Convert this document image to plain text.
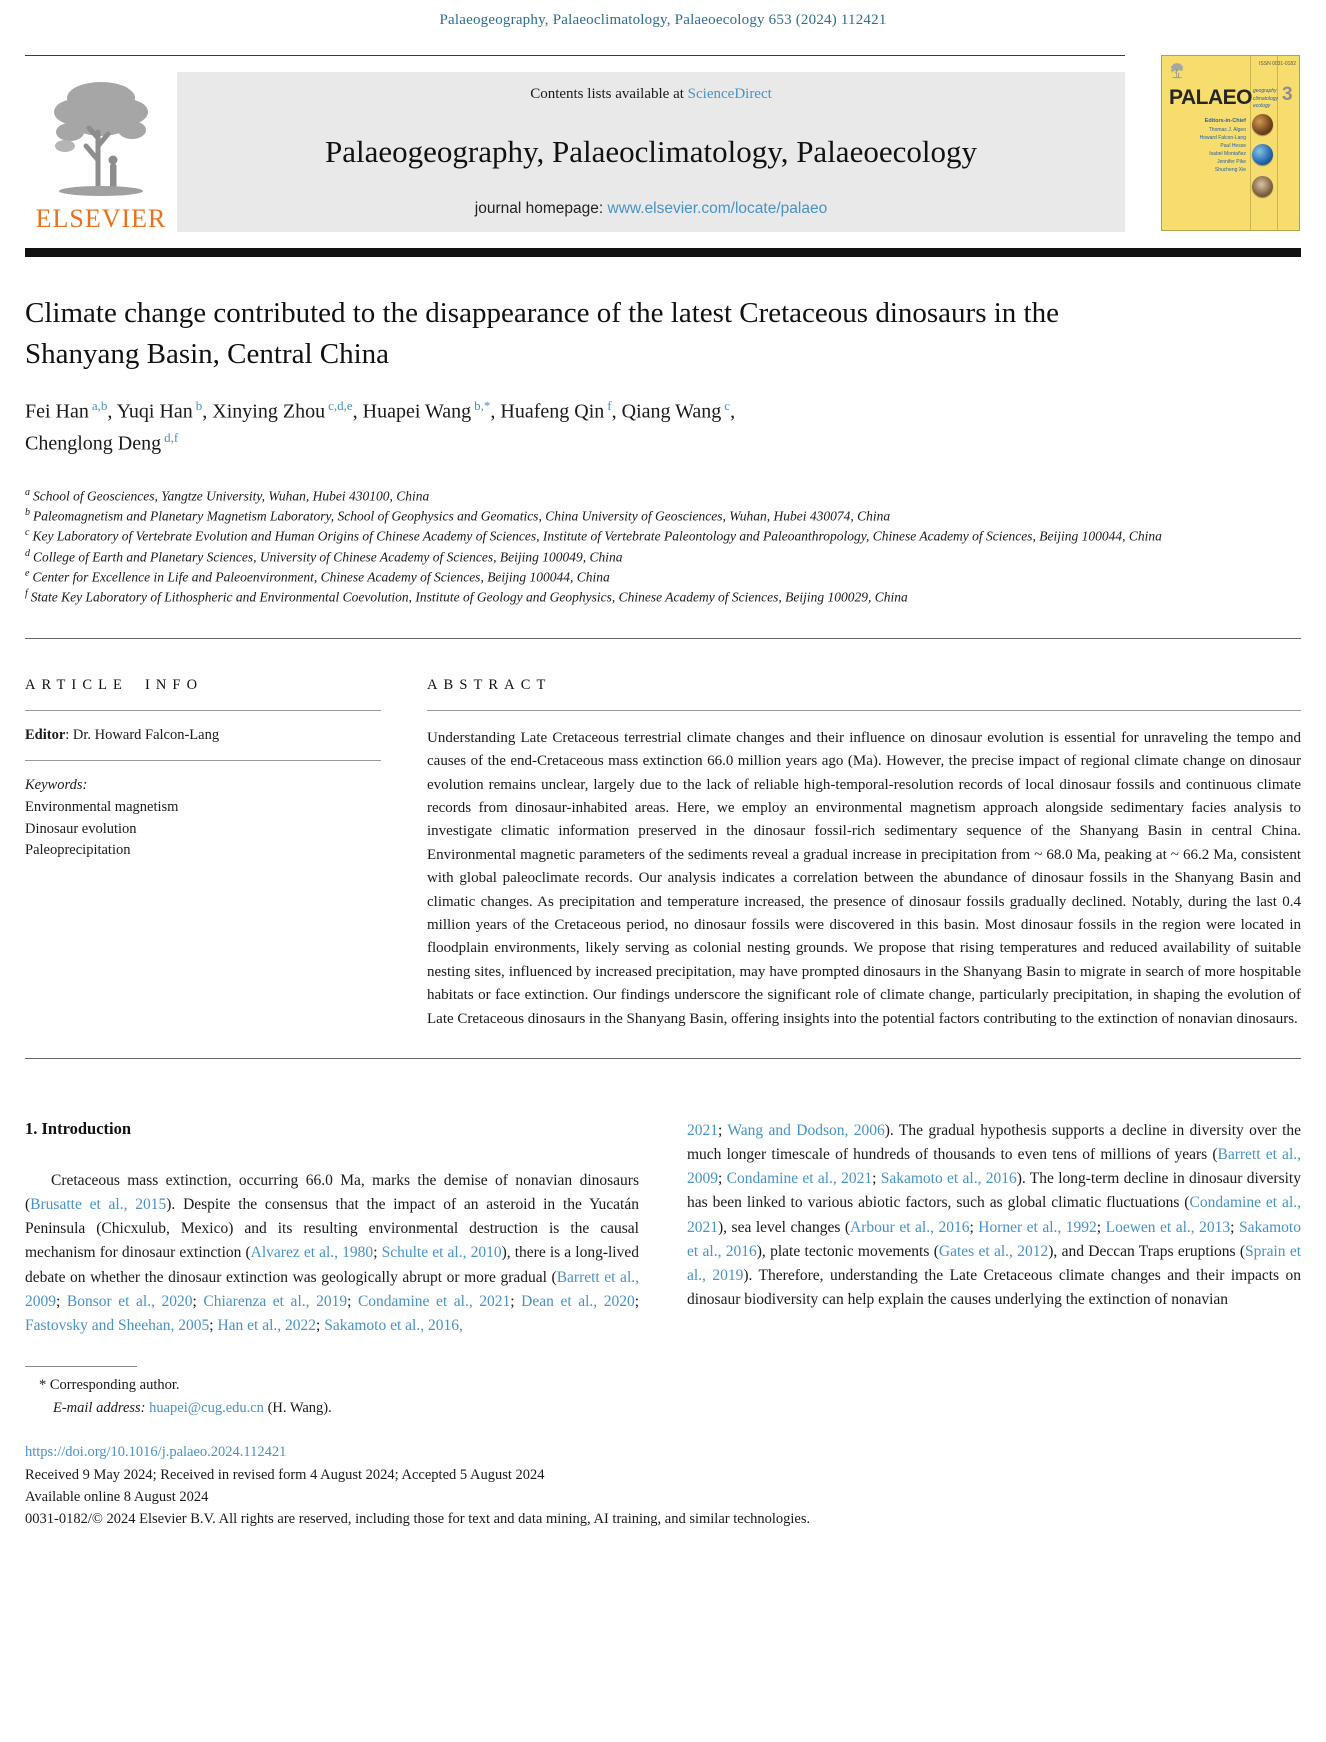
Palaeogeography, Palaeoclimatology, Palaeoecology 653 (2024) 112421
ELSEVIER
Contents lists available at ScienceDirect
Palaeogeography, Palaeoclimatology, Palaeoecology
journal homepage: www.elsevier.com/locate/palaeo
ISSN 0031-0182
PALAEO geography
climatology
ecology
3
Editors-in-Chief
Thomas J. Algeo
Howard Falcon-Lang
Paul Hesse
Isabel Montañez
Jennifer Pike
Shucheng Xie
Climate change contributed to the disappearance of the latest Cretaceous dinosaurs in the Shanyang Basin, Central China
Fei Han $^{a,b}$, Yuqi Han $^b$, Xinying Zhou $^{c,d,e}$, Huapei Wang $^{b,*}$, Huafeng Qin $^f$, Qiang Wang $^c$,
Chenglong Deng $^{d,f}$
$^a$ School of Geosciences, Yangtze University, Wuhan, Hubei 430100, China
$^b$ Paleomagnetism and Planetary Magnetism Laboratory, School of Geophysics and Geomatics, China University of Geosciences, Wuhan, Hubei 430074, China
$^c$ Key Laboratory of Vertebrate Evolution and Human Origins of Chinese Academy of Sciences, Institute of Vertebrate Paleontology and Paleoanthropology, Chinese Academy of Sciences, Beijing 100044, China
$^d$ College of Earth and Planetary Sciences, University of Chinese Academy of Sciences, Beijing 100049, China
$^e$ Center for Excellence in Life and Paleoenvironment, Chinese Academy of Sciences, Beijing 100044, China
$^f$ State Key Laboratory of Lithospheric and Environmental Coevolution, Institute of Geology and Geophysics, Chinese Academy of Sciences, Beijing 100029, China
ARTICLE INFO

Editor: Dr. Howard Falcon-Lang

Keywords:

Environmental magnetism
Dinosaur evolution
Paleoprecipitation
ABSTRACT

Understanding Late Cretaceous terrestrial climate changes and their influence on dinosaur evolution is essential for unraveling the tempo and causes of the end-Cretaceous mass extinction 66.0 million years ago (Ma). However, the precise impact of regional climate change on dinosaur evolution remains unclear, largely due to the lack of reliable high-temporal-resolution records of local dinosaur fossils and continuous climate records from dinosaur-inhabited areas. Here, we employ an environmental magnetism approach alongside sedimentary facies analysis to investigate climatic information preserved in the dinosaur fossil-rich sedimentary sequence of the Shanyang Basin in central China. Environmental magnetic parameters of the sediments reveal a gradual increase in precipitation from ~ 68.0 Ma, peaking at ~ 66.2 Ma, consistent with global paleoclimate records. Our analysis indicates a correlation between the abundance of dinosaur fossils in the Shanyang Basin and climatic changes. As precipitation and temperature increased, the presence of dinosaur fossils gradually declined. Notably, during the last 0.4 million years of the Cretaceous period, no dinosaur fossils were discovered in this basin. Most dinosaur fossils in the region were located in floodplain environments, likely serving as colonial nesting grounds. We propose that rising temperatures and reduced availability of suitable nesting sites, influenced by increased precipitation, may have prompted dinosaurs in the Shanyang Basin to migrate in search of more hospitable habitats or face extinction. Our findings underscore the significant role of climate change, particularly precipitation, in shaping the evolution of Late Cretaceous dinosaurs in the Shanyang Basin, offering insights into the potential factors contributing to the extinction of nonavian dinosaurs.

1. Introduction

Cretaceous mass extinction, occurring 66.0 Ma, marks the demise of nonavian dinosaurs (Brusatte et al., 2015). Despite the consensus that the impact of an asteroid in the Yucatán Peninsula (Chicxulub, Mexico) and its resulting environmental destruction is the causal mechanism for dinosaur extinction (Alvarez et al., 1980; Schulte et al., 2010), there is a long-lived debate on whether the dinosaur extinction was geologically abrupt or more gradual (Barrett et al., 2009; Bonsor et al., 2020; Chiarenza et al., 2019; Condamine et al., 2021; Dean et al., 2020; Fastovsky and Sheehan, 2005; Han et al., 2022; Sakamoto et al., 2016,

2021; Wang and Dodson, 2006). The gradual hypothesis supports a decline in diversity over the much longer timescale of hundreds of thousands to even tens of millions of years (Barrett et al., 2009; Condamine et al., 2021; Sakamoto et al., 2016). The long-term decline in dinosaur diversity has been linked to various abiotic factors, such as global climatic fluctuations (Condamine et al., 2021), sea level changes (Arbour et al., 2016; Horner et al., 1992; Loewen et al., 2013; Sakamoto et al., 2016), plate tectonic movements (Gates et al., 2012), and Deccan Traps eruptions (Sprain et al., 2019). Therefore, understanding the Late Cretaceous climate changes and their impacts on dinosaur biodiversity can help explain the causes underlying the extinction of nonavian

* Corresponding author.

E-mail address: huapei@cug.edu.cn (H. Wang).

https://doi.org/10.1016/j.palaeo.2024.112421

Received 9 May 2024; Received in revised form 4 August 2024; Accepted 5 August 2024

Available online 8 August 2024

0031-0182/© 2024 Elsevier B.V. All rights are reserved, including those for text and data mining, AI training, and similar technologies.
